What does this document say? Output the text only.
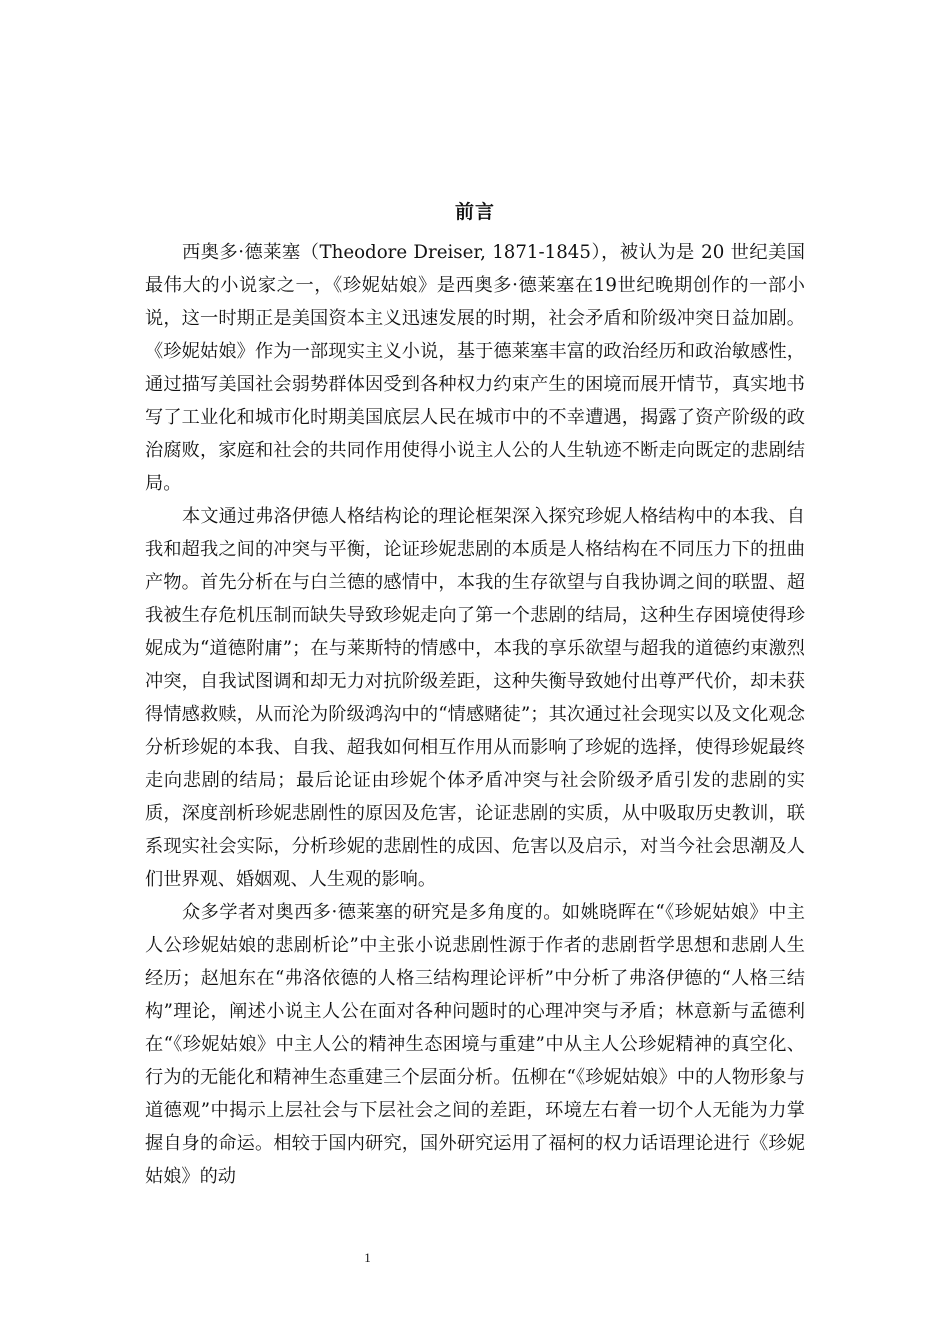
前言

西奥多·德莱塞（Theodore Dreiser, 1871-1845），被认为是 20 世纪美国最伟大的小说家之一，《珍妮姑娘》是西奥多·德莱塞在19世纪晚期创作的一部小说，这一时期正是美国资本主义迅速发展的时期，社会矛盾和阶级冲突日益加剧。《珍妮姑娘》作为一部现实主义小说，基于德莱塞丰富的政治经历和政治敏感性，通过描写美国社会弱势群体因受到各种权力约束产生的困境而展开情节，真实地书写了工业化和城市化时期美国底层人民在城市中的不幸遭遇，揭露了资产阶级的政治腐败，家庭和社会的共同作用使得小说主人公的人生轨迹不断走向既定的悲剧结局。

本文通过弗洛伊德人格结构论的理论框架深入探究珍妮人格结构中的本我、自我和超我之间的冲突与平衡，论证珍妮悲剧的本质是人格结构在不同压力下的扭曲产物。首先分析在与白兰德的感情中，本我的生存欲望与自我协调之间的联盟、超我被生存危机压制而缺失导致珍妮走向了第一个悲剧的结局，这种生存困境使得珍妮成为“道德附庸”；在与莱斯特的情感中，本我的享乐欲望与超我的道德约束激烈冲突，自我试图调和却无力对抗阶级差距，这种失衡导致她付出尊严代价，却未获得情感救赎，从而沦为阶级鸿沟中的“情感赌徒”；其次通过社会现实以及文化观念分析珍妮的本我、自我、超我如何相互作用从而影响了珍妮的选择，使得珍妮最终走向悲剧的结局；最后论证由珍妮个体矛盾冲突与社会阶级矛盾引发的悲剧的实质，深度剖析珍妮悲剧性的原因及危害，论证悲剧的实质，从中吸取历史教训，联系现实社会实际，分析珍妮的悲剧性的成因、危害以及启示，对当今社会思潮及人们世界观、婚姻观、人生观的影响。

众多学者对奥西多·德莱塞的研究是多角度的。如姚晓晖在“《珍妮姑娘》中主人公珍妮姑娘的悲剧析论”中主张小说悲剧性源于作者的悲剧哲学思想和悲剧人生经历；赵旭东在“弗洛依德的人格三结构理论评析”中分析了弗洛伊德的“人格三结构”理论，阐述小说主人公在面对各种问题时的心理冲突与矛盾；林意新与孟德利在“《珍妮姑娘》中主人公的精神生态困境与重建”中从主人公珍妮精神的真空化、行为的无能化和精神生态重建三个层面分析。伍柳在“《珍妮姑娘》中的人物形象与道德观”中揭示上层社会与下层社会之间的差距，环境左右着一切个人无能为力掌握自身的命运。相较于国内研究，国外研究运用了福柯的权力话语理论进行《珍妮姑娘》的动

1
